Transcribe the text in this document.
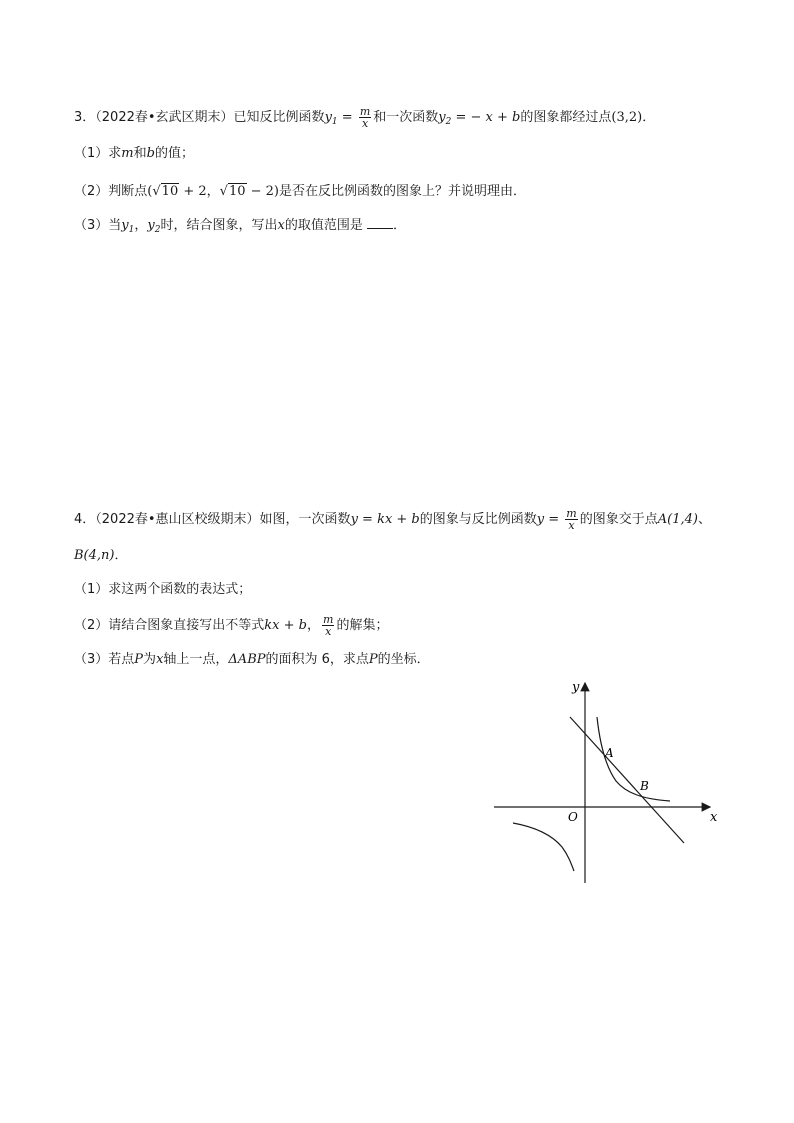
3．（2022春•玄武区期末）已知反比例函数$y_1 = \frac{m}{x}$ 和一次函数$y_2$ = − x + b的图象都经过点(3,2)．
（1）求m和b的值；
（2）判断点(√10 + 2，√10 − 2)是否在反比例函数的图象上？并说明理由．
（3）当$y_1$，$y_2$时，结合图象，写出x的取值范围是 ．
4．（2022春•惠山区校级期末）如图，一次函数y = kx + b的图象与反比例函数$y = \frac{m}{x}$ 的图象交于点A(1,4)、
B(4,n)．
（1）求这两个函数的表达式；
（2）请结合图象直接写出不等式kx + b， $\frac{m}{x}$ 的解集；
（3）若点P为x轴上一点，ΔABP的面积为 6，求点P的坐标．
y
x
O
A
B
